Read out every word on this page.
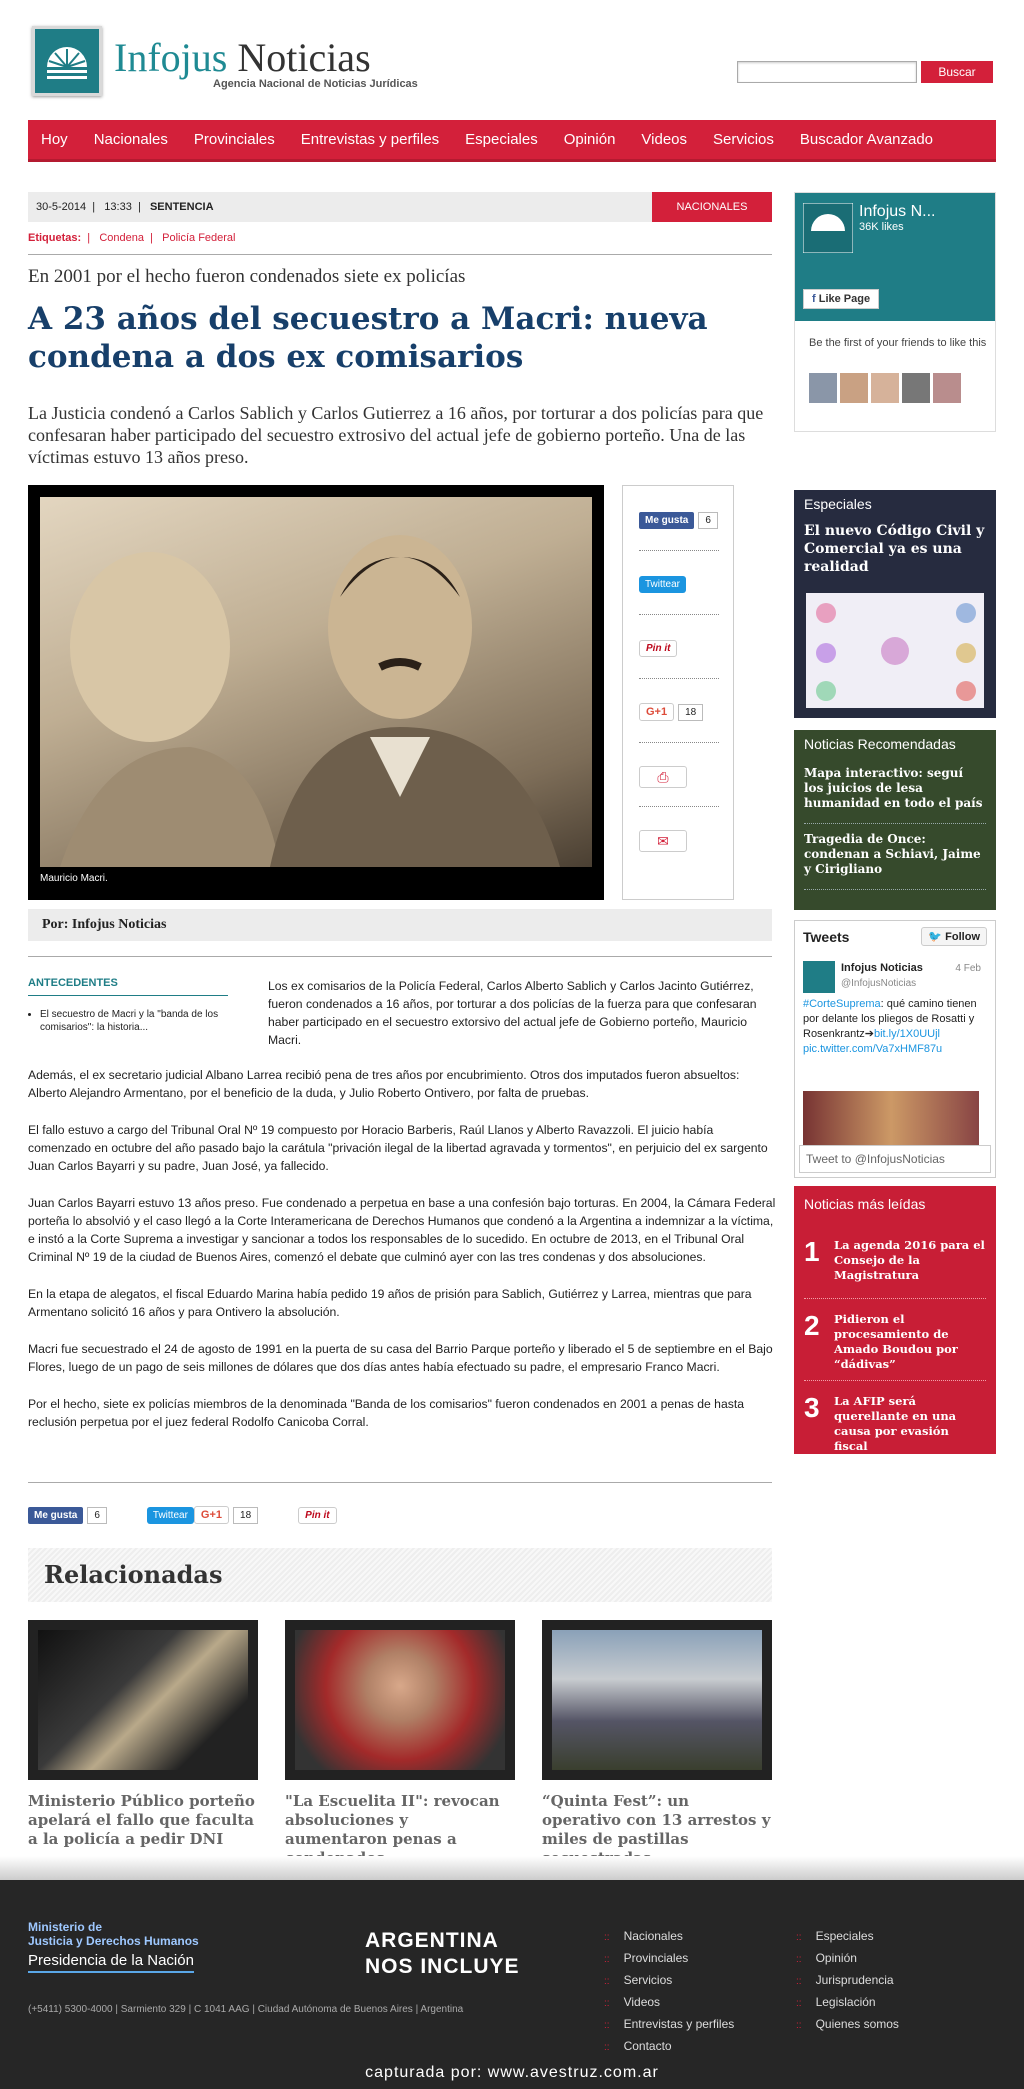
Infojus Noticias
Agencia Nacional de Noticias Jurídicas
Buscar
Hoy	Nacionales	Provinciales	Entrevistas y perfiles	Especiales	Opinión	Videos	Servicios	Buscador Avanzado
30-5-2014  |   13:33  |   SENTENCIA	NACIONALES
Etiquetas:  |   Condena  |   Policía Federal
En 2001 por el hecho fueron condenados siete ex policías
A 23 años del secuestro a Macri: nueva condena a dos ex comisarios
La Justicia condenó a Carlos Sablich y Carlos Gutierrez a 16 años, por torturar a dos policías para que confesaran haber participado del secuestro extrosivo del actual jefe de gobierno porteño. Una de las víctimas estuvo 13 años preso.
Mauricio Macri.
Me gusta 6
Twittear
Pin it
G+1 18
⎙
✉
Por: Infojus Noticias
ANTECEDENTES
• El secuestro de Macri y la "banda de los comisarios": la historia...
Los ex comisarios de la Policía Federal, Carlos Alberto Sablich y Carlos Jacinto Gutiérrez, fueron condenados a 16 años, por torturar a dos policías de la fuerza para que confesaran haber participado en el secuestro extorsivo del actual jefe de Gobierno porteño, Mauricio Macri.

Además, el ex secretario judicial Albano Larrea recibió pena de tres años por encubrimiento. Otros dos imputados fueron absueltos: Alberto Alejandro Armentano, por el beneficio de la duda, y Julio Roberto Ontivero, por falta de pruebas.

El fallo estuvo a cargo del Tribunal Oral Nº 19 compuesto por Horacio Barberis, Raúl Llanos y Alberto Ravazzoli. El juicio había comenzado en octubre del año pasado bajo la carátula "privación ilegal de la libertad agravada y tormentos", en perjuicio del ex sargento Juan Carlos Bayarri y su padre, Juan José, ya fallecido.

Juan Carlos Bayarri estuvo 13 años preso. Fue condenado a perpetua en base a una confesión bajo torturas. En 2004, la Cámara Federal porteña lo absolvió y el caso llegó a la Corte Interamericana de Derechos Humanos que condenó a la Argentina a indemnizar a la víctima, e instó a la Corte Suprema a investigar y sancionar a todos los responsables de lo sucedido. En octubre de 2013, en el Tribunal Oral Criminal Nº 19 de la ciudad de Buenos Aires, comenzó el debate que culminó ayer con las tres condenas y dos absoluciones.

En la etapa de alegatos, el fiscal Eduardo Marina había pedido 19 años de prisión para Sablich, Gutiérrez y Larrea, mientras que para Armentano solicitó 16 años y para Ontivero la absolución.

Macri fue secuestrado el 24 de agosto de 1991 en la puerta de su casa del Barrio Parque porteño y liberado el 5 de septiembre en el Bajo Flores, luego de un pago de seis millones de dólares que dos días antes había efectuado su padre, el empresario Franco Macri.

Por el hecho, siete ex policías miembros de la denominada "Banda de los comisarios" fueron condenados en 2001 a penas de hasta reclusión perpetua por el juez federal Rodolfo Canicoba Corral.

Me gusta	6	Twittear	G+1	18	Pin it
Relacionadas
Ministerio Público porteño apelará el fallo que faculta a la policía a pedir DNI
"La Escuelita II": revocan absoluciones y aumentaron penas a
“Quinta Fest”: un operativo con 13 arrestos y miles de pastillas
Infojus N...
36K likes
f Like Page
Be the first of your friends to like this
Especiales
El nuevo Código Civil y Comercial ya es una realidad
Noticias Recomendadas
Mapa interactivo: seguí los juicios de lesa humanidad en todo el país
Tragedia de Once: condenan a Schiavi, Jaime y Cirigliano
Tweets	🐦 Follow
Infojus Noticias	4 Feb

@InfojusNoticias
#CorteSuprema: qué camino tienen por delante los pliegos de Rosatti y Rosenkrantz➔bit.ly/1X0UUjl
pic.twitter.com/Va7xHMF87u
Tweet to @InfojusNoticias
Noticias más leídas
1 La agenda 2016 para el Consejo de la Magistratura
2 Pidieron el procesamiento de Amado Boudou por “dádivas”
3 La AFIP será querellante en una causa por evasión fiscal
Ministerio de
Justicia y Derechos Humanos
Presidencia de la Nación
(+5411) 5300-4000 | Sarmiento 329 | C 1041 AAG | Ciudad Autónoma de Buenos Aires | Argentina
ARGENTINA
NOS INCLUYE
:: Nacionales
:: Provinciales
:: Servicios
:: Videos
:: Entrevistas y perfiles
:: Contacto
:: Especiales
:: Opinión
:: Jurisprudencia
:: Legislación
:: Quienes somos
capturada por: www.avestruz.com.ar
